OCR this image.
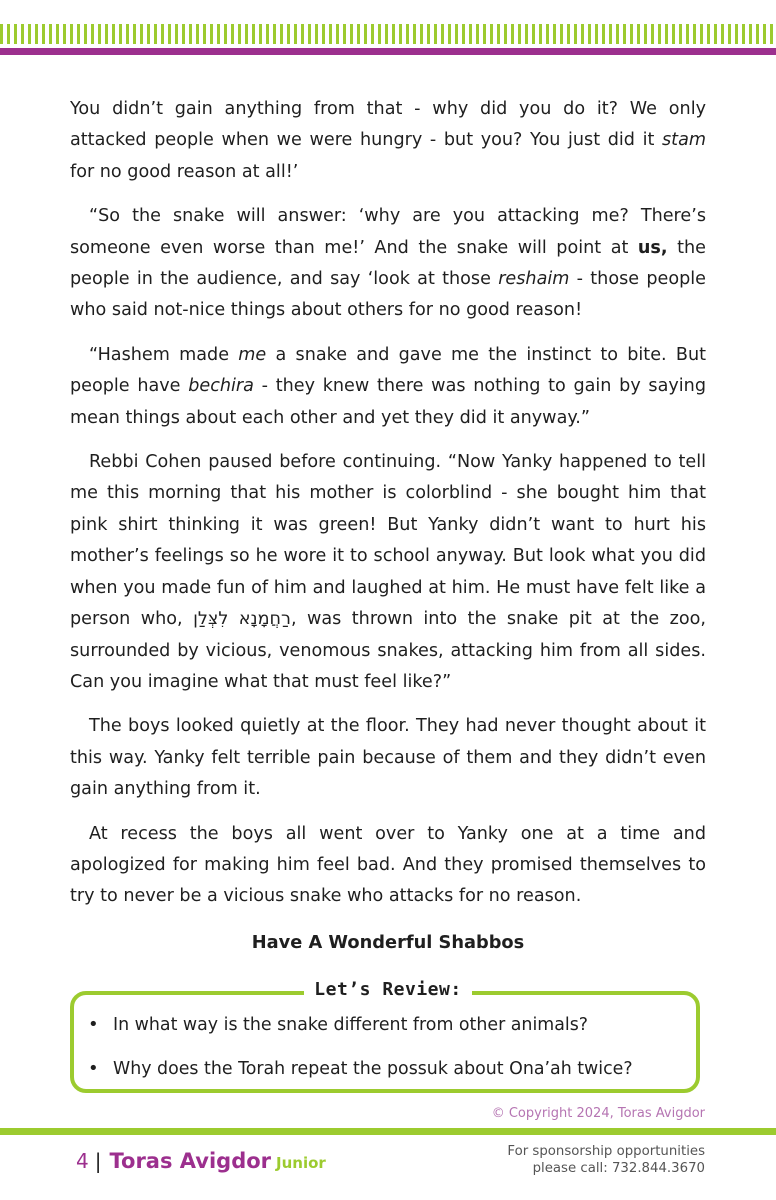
You didn’t gain anything from that - why did you do it? We only attacked people when we were hungry - but you? You just did it stam for no good reason at all!’

“So the snake will answer: ‘why are you attacking me? There’s someone even worse than me!’ And the snake will point at us, the people in the audience, and say ‘look at those reshaim - those people who said not-nice things about others for no good reason!

“Hashem made me a snake and gave me the instinct to bite. But people have bechira - they knew there was nothing to gain by saying mean things about each other and yet they did it anyway.”

Rebbi Cohen paused before continuing. “Now Yanky happened to tell me this morning that his mother is colorblind - she bought him that pink shirt thinking it was green! But Yanky didn’t want to hurt his mother’s feelings so he wore it to school anyway. But look what you did when you made fun of him and laughed at him. He must have felt like a person who, רַחֲמָנָא לִצְּלַן, was thrown into the snake pit at the zoo, surrounded by vicious, venomous snakes, attacking him from all sides. Can you imagine what that must feel like?”

The boys looked quietly at the floor. They had never thought about it this way. Yanky felt terrible pain because of them and they didn’t even gain anything from it.

At recess the boys all went over to Yanky one at a time and apologized for making him feel bad. And they promised themselves to try to never be a vicious snake who attacks for no reason.

Have A Wonderful Shabbos
Let’s Review:
• In what way is the snake different from other animals?
• Why does the Torah repeat the possuk about Ona’ah twice?
© Copyright 2024, Toras Avigdor
4 | Toras Avigdor Junior
For sponsorship opportunities
please call: 732.844.3670
